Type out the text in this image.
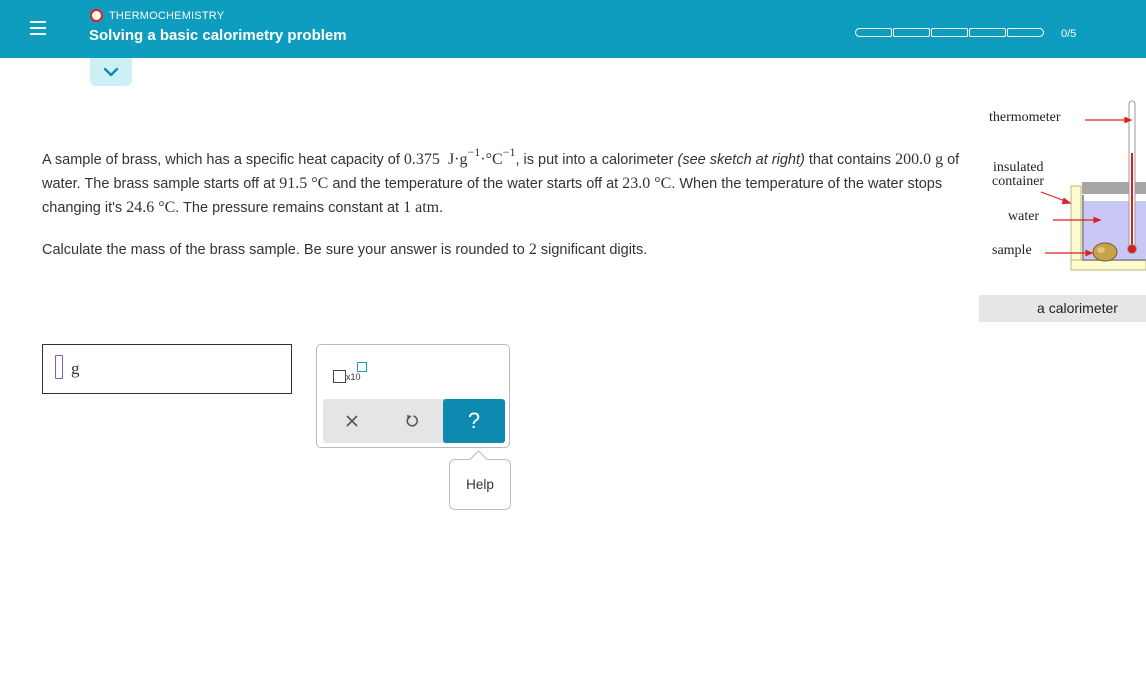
THERMOCHEMISTRY
Solving a basic calorimetry problem	0/5

A sample of brass, which has a specific heat capacity of 0.375 $J\cdot g^{-1}\cdot^\circ C^{-1}$, is put into a calorimeter (see sketch at right) that contains 200.0 g of water. The brass sample starts off at 91.5 °C and the temperature of the water starts off at 23.0 °C. When the temperature of the water stops changing it's 24.6 °C. The pressure remains constant at 1 atm.

Calculate the mass of the brass sample. Be sure your answer is rounded to 2 significant digits.
thermometer
insulated
container
water
sample
a calorimeter
g	x10
?
Help
